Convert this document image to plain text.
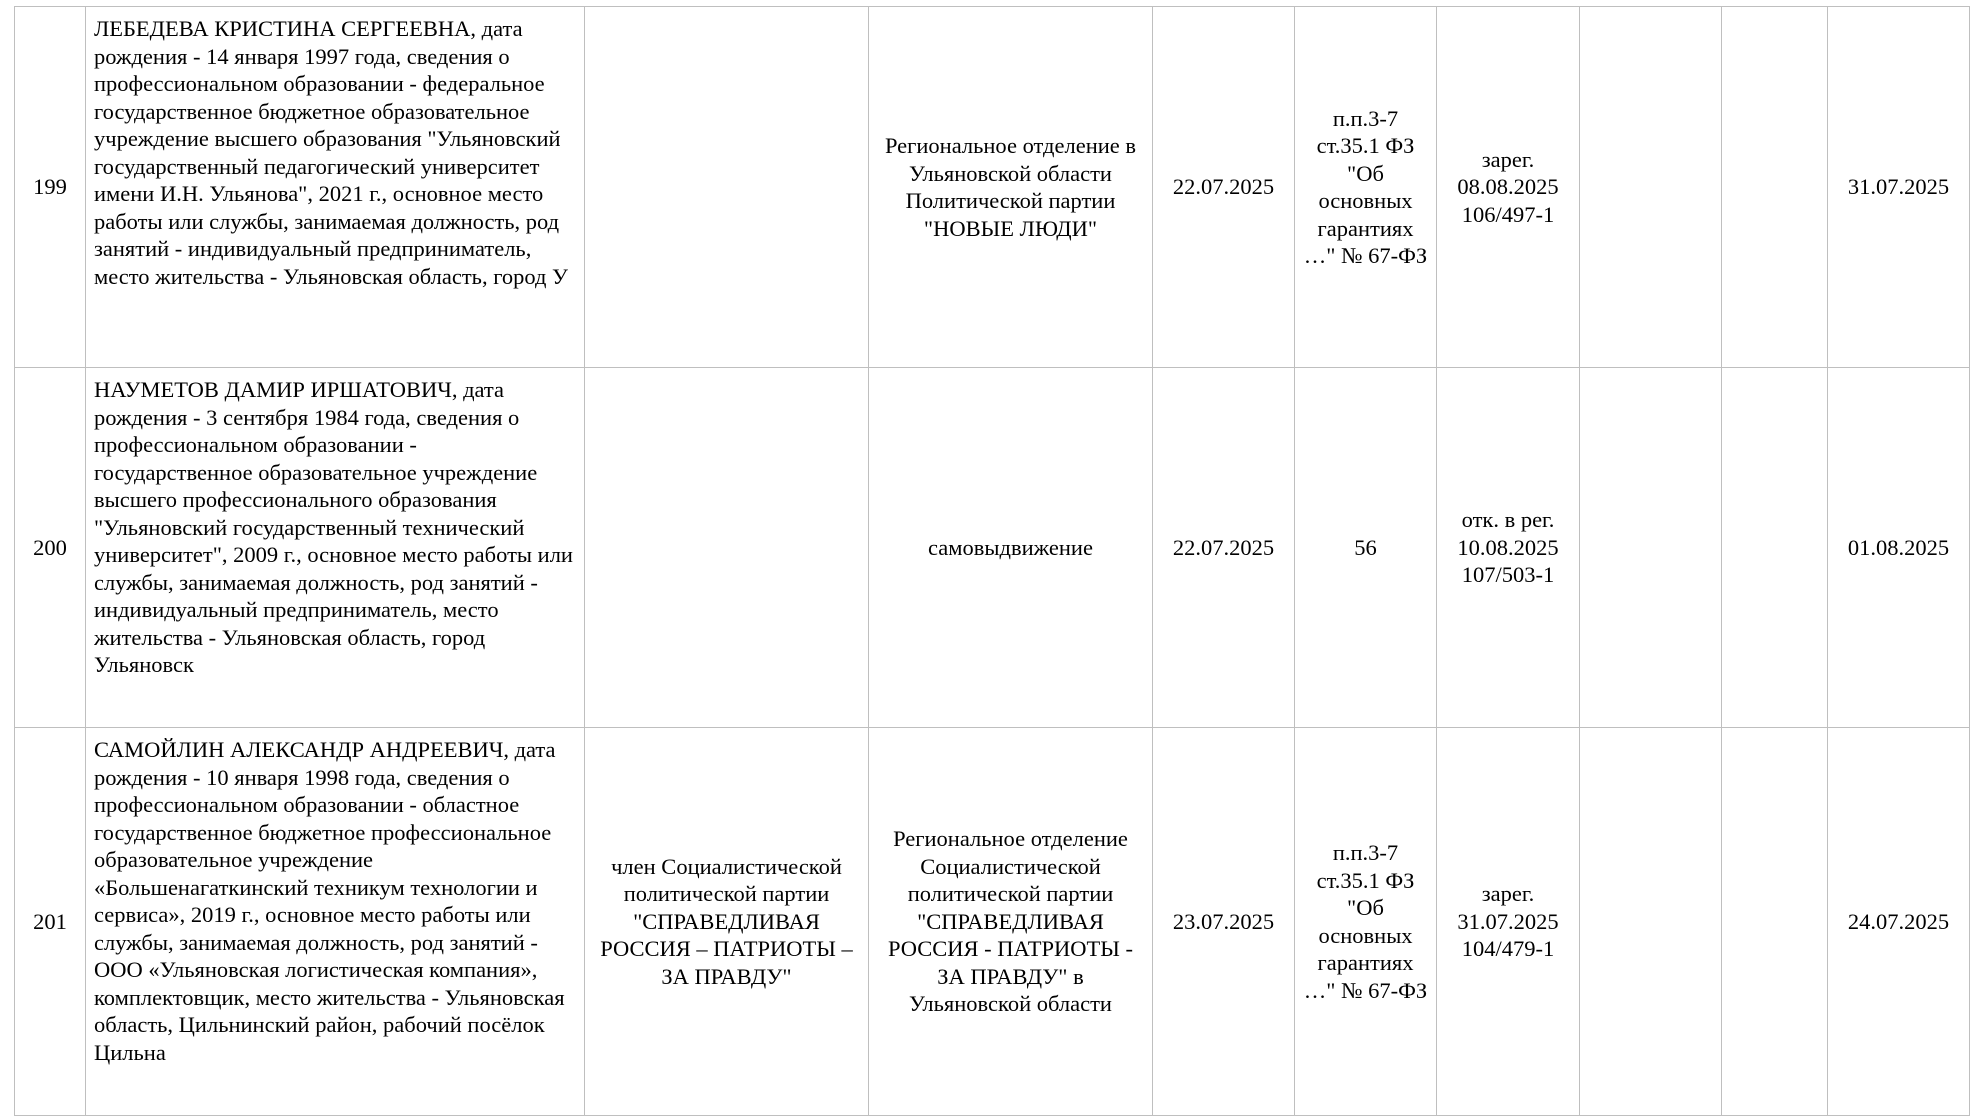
199	ЛЕБЕДЕВА КРИСТИНА СЕРГЕЕВНА, дата рождения - 14 января 1997 года, сведения о профессиональном образовании - федеральное государственное бюджетное образовательное учреждение высшего образования "Ульяновский государственный педагогический университет имени И.Н. Ульянова", 2021 г., основное место работы или службы, занимаемая должность, род занятий - индивидуальный предприниматель, место жительства - Ульяновская область, город У		Региональное отделение в Ульяновской области Политической партии "НОВЫЕ ЛЮДИ"	22.07.2025	п.п.3-7 ст.35.1 ФЗ "Об основных гарантиях …" № 67-ФЗ	зарег. 08.08.2025 106/497-1			31.07.2025
200	НАУМЕТОВ ДАМИР ИРШАТОВИЧ, дата рождения - 3 сентября 1984 года, сведения о профессиональном образовании - государственное образовательное учреждение высшего профессионального образования "Ульяновский государственный технический университет", 2009 г., основное место работы или службы, занимаемая должность, род занятий - индивидуальный предприниматель, место жительства - Ульяновская область, город Ульяновск		самовыдвижение	22.07.2025	56	отк. в рег. 10.08.2025 107/503-1			01.08.2025
201	САМОЙЛИН АЛЕКСАНДР АНДРЕЕВИЧ, дата рождения - 10 января 1998 года, сведения о профессиональном образовании - областное государственное бюджетное профессиональное образовательное учреждение «Большенагаткинский техникум технологии и сервиса», 2019 г., основное место работы или службы, занимаемая должность, род занятий - ООО «Ульяновская логистическая компания», комплектовщик, место жительства - Ульяновская область, Цильнинский район, рабочий посёлок Цильна	член Социалистической политической партии "СПРАВЕДЛИВАЯ РОССИЯ – ПАТРИОТЫ – ЗА ПРАВДУ"	Региональное отделение Социалистической политической партии "СПРАВЕДЛИВАЯ РОССИЯ - ПАТРИОТЫ - ЗА ПРАВДУ" в Ульяновской области	23.07.2025	п.п.3-7 ст.35.1 ФЗ "Об основных гарантиях …" № 67-ФЗ	зарег. 31.07.2025 104/479-1			24.07.2025
